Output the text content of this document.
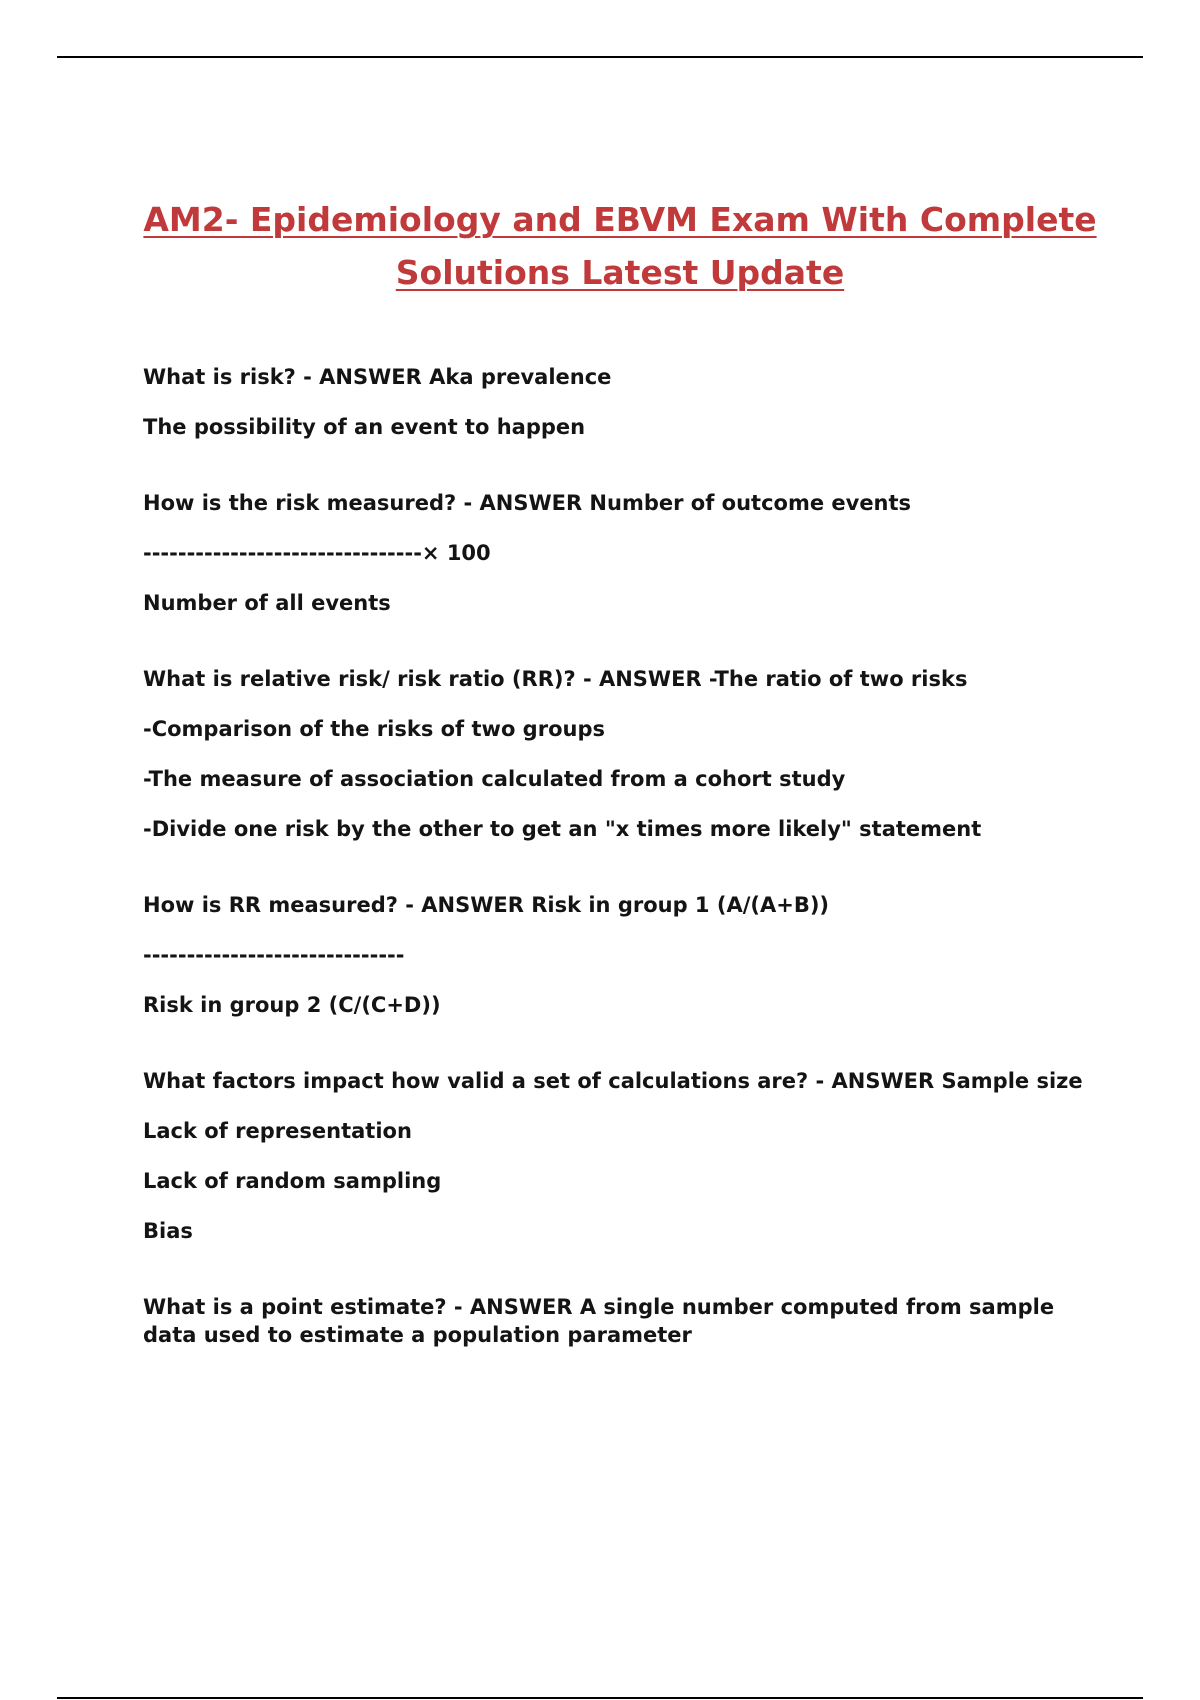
AM2- Epidemiology and EBVM Exam With Complete
Solutions Latest Update
What is risk? - ANSWER Aka prevalence
The possibility of an event to happen
How is the risk measured? - ANSWER Number of outcome events
--------------------------------× 100
Number of all events
What is relative risk/ risk ratio (RR)? - ANSWER -The ratio of two risks
-Comparison of the risks of two groups
-The measure of association calculated from a cohort study
-Divide one risk by the other to get an "x times more likely" statement
How is RR measured? - ANSWER Risk in group 1 (A/(A+B))
------------------------------
Risk in group 2 (C/(C+D))
What factors impact how valid a set of calculations are? - ANSWER Sample size
Lack of representation
Lack of random sampling
Bias
What is a point estimate? - ANSWER A single number computed from sample data used to estimate a population parameter
